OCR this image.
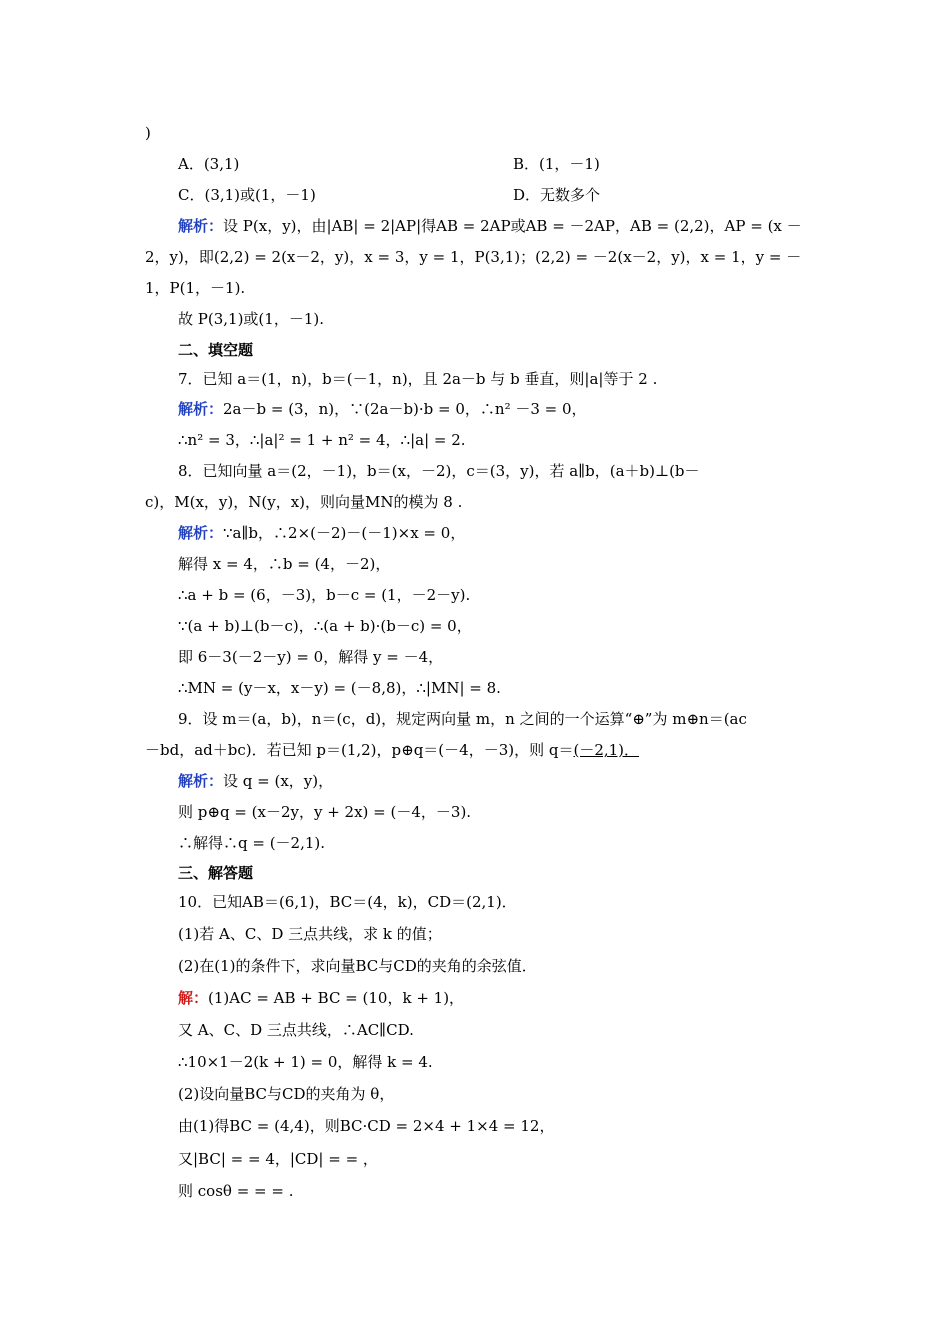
)
A．(3,1)	B．(1，－1)
C．(3,1)或(1，－1)	D．无数多个
解析：设 P(x，y)，由|AB| = 2|AP|得AB = 2AP或AB = －2AP，AB = (2,2)，AP = (x －
2，y)，即(2,2) = 2(x－2，y)，x = 3，y = 1，P(3,1)；(2,2) = －2(x－2，y)，x = 1，y = －
1，P(1，－1).
故 P(3,1)或(1，－1).
二、填空题
7．已知 a＝(1，n)，b＝(－1，n)，且 2a－b 与 b 垂直，则|a|等于 2 .
解析：2a－b = (3，n)，∵(2a－b)·b = 0，∴n² －3 = 0，
∴n² = 3，∴|a|² = 1 + n² = 4，∴|a| = 2.
8．已知向量 a＝(2，－1)，b＝(x，－2)，c＝(3，y)，若 a∥b，(a＋b)⊥(b－
c)，M(x，y)，N(y，x)，则向量MN的模为 8 .
解析：∵a∥b，∴2×(－2)－(－1)×x = 0，
解得 x = 4，∴b = (4，－2)，
∴a + b = (6，－3)，b－c = (1，－2－y).
∵(a + b)⊥(b－c)，∴(a + b)·(b－c) = 0，
即 6－3(－2－y) = 0，解得 y = －4，
∴MN = (y－x，x－y) = (－8,8)，∴|MN| = 8.
9．设 m＝(a，b)，n＝(c，d)，规定两向量 m，n 之间的一个运算“⊕”为 m⊕n＝(ac
－bd，ad＋bc)．若已知 p＝(1,2)，p⊕q＝(－4，－3)，则 q＝(－2,1)．
解析：设 q = (x，y)，
则 p⊕q = (x－2y，y + 2x) = (－4，－3).
∴解得∴q = (－2,1).
三、解答题
10．已知AB＝(6,1)，BC＝(4，k)，CD＝(2,1)．
(1)若 A、C、D 三点共线，求 k 的值；
(2)在(1)的条件下，求向量BC与CD的夹角的余弦值．
解：(1)AC = AB + BC = (10，k + 1)，
又 A、C、D 三点共线，∴AC∥CD.
∴10×1－2(k + 1) = 0，解得 k = 4.
(2)设向量BC与CD的夹角为 θ，
由(1)得BC = (4,4)，则BC·CD = 2×4 + 1×4 = 12，
又|BC| = = 4，|CD| = = ，
则 cosθ = = = .
